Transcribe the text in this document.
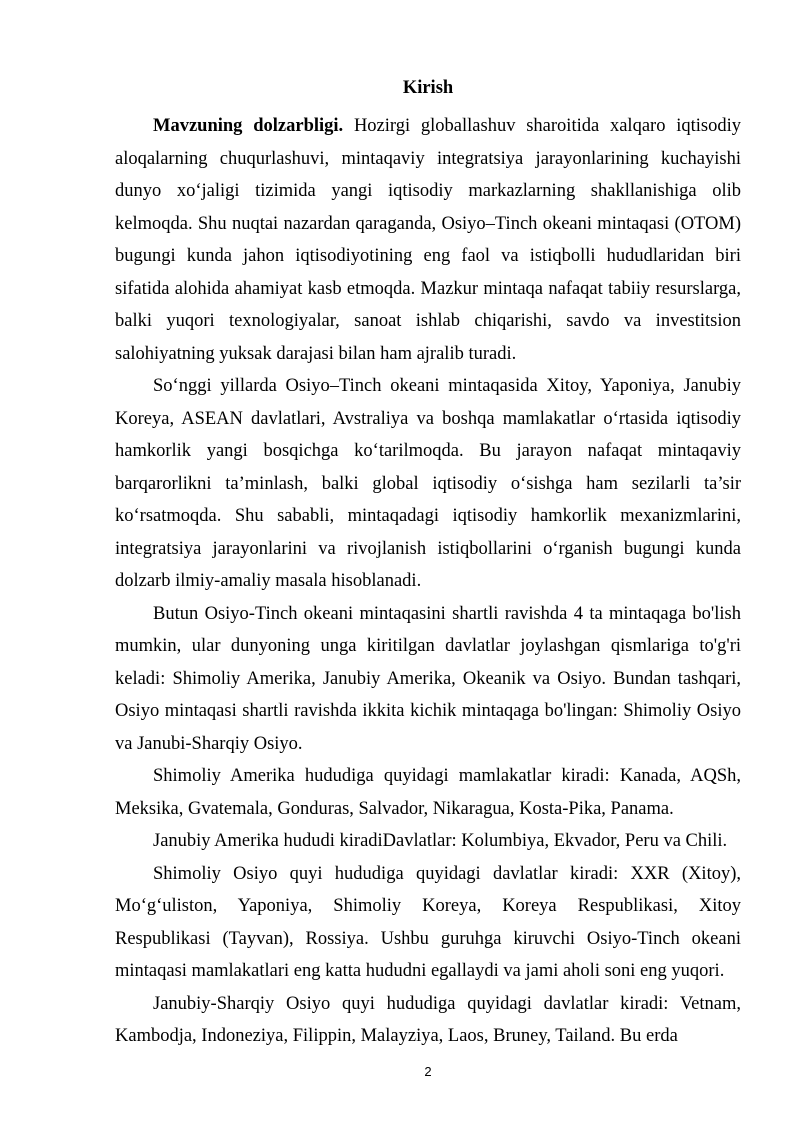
Kirish

Mavzuning dolzarbligi. Hozirgi globallashuv sharoitida xalqaro iqtisodiy aloqalarning chuqurlashuvi, mintaqaviy integratsiya jarayonlarining kuchayishi dunyo xo‘jaligi tizimida yangi iqtisodiy markazlarning shakllanishiga olib kelmoqda. Shu nuqtai nazardan qaraganda, Osiyo–Tinch okeani mintaqasi (OTOM) bugungi kunda jahon iqtisodiyotining eng faol va istiqbolli hududlaridan biri sifatida alohida ahamiyat kasb etmoqda. Mazkur mintaqa nafaqat tabiiy resurslarga, balki yuqori texnologiyalar, sanoat ishlab chiqarishi, savdo va investitsion salohiyatning yuksak darajasi bilan ham ajralib turadi.

So‘nggi yillarda Osiyo–Tinch okeani mintaqasida Xitoy, Yaponiya, Janubiy Koreya, ASEAN davlatlari, Avstraliya va boshqa mamlakatlar o‘rtasida iqtisodiy hamkorlik yangi bosqichga ko‘tarilmoqda. Bu jarayon nafaqat mintaqaviy barqarorlikni ta’minlash, balki global iqtisodiy o‘sishga ham sezilarli ta’sir ko‘rsatmoqda. Shu sababli, mintaqadagi iqtisodiy hamkorlik mexanizmlarini, integratsiya jarayonlarini va rivojlanish istiqbollarini o‘rganish bugungi kunda dolzarb ilmiy-amaliy masala hisoblanadi.

Butun Osiyo-Tinch okeani mintaqasini shartli ravishda 4 ta mintaqaga bo'lish mumkin, ular dunyoning unga kiritilgan davlatlar joylashgan qismlariga to'g'ri keladi: Shimoliy Amerika, Janubiy Amerika, Okeanik va Osiyo. Bundan tashqari, Osiyo mintaqasi shartli ravishda ikkita kichik mintaqaga bo'lingan: Shimoliy Osiyo va Janubi-Sharqiy Osiyo.

Shimoliy Amerika hududiga quyidagi mamlakatlar kiradi: Kanada, AQSh, Meksika, Gvatemala, Gonduras, Salvador, Nikaragua, Kosta-Pika, Panama.

Janubiy Amerika hududi kiradiDavlatlar: Kolumbiya, Ekvador, Peru va Chili.

Shimoliy Osiyo quyi hududiga quyidagi davlatlar kiradi: XXR (Xitoy), Mo‘g‘uliston, Yaponiya, Shimoliy Koreya, Koreya Respublikasi, Xitoy Respublikasi (Tayvan), Rossiya. Ushbu guruhga kiruvchi Osiyo-Tinch okeani mintaqasi mamlakatlari eng katta hududni egallaydi va jami aholi soni eng yuqori.

Janubiy-Sharqiy Osiyo quyi hududiga quyidagi davlatlar kiradi: Vetnam, Kambodja, Indoneziya, Filippin, Malayziya, Laos, Bruney, Tailand. Bu erda

2
